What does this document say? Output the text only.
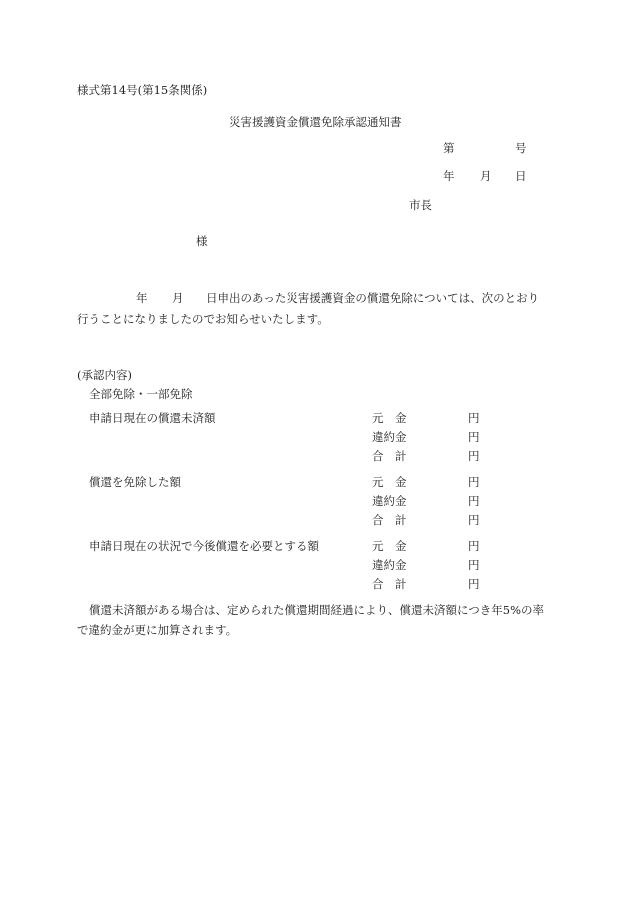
様式第14号(第15条関係)
災害援護資金償還免除承認通知書
第	号
年 月 日
市長
様
年 月 日申出のあった災害援護資金の償還免除については、次のとおり
行うことになりましたのでお知らせいたします。
(承認内容)
全部免除・一部免除
申請日現在の償還未済額	元　金	円
違約金	円
合　計	円
償還を免除した額	元　金	円
違約金	円
合　計	円
申請日現在の状況で今後償還を必要とする額	元　金	円
違約金	円
合　計	円
償還未済額がある場合は、定められた償還期間経過により、償還未済額につき年5%の率
で違約金が更に加算されます。
